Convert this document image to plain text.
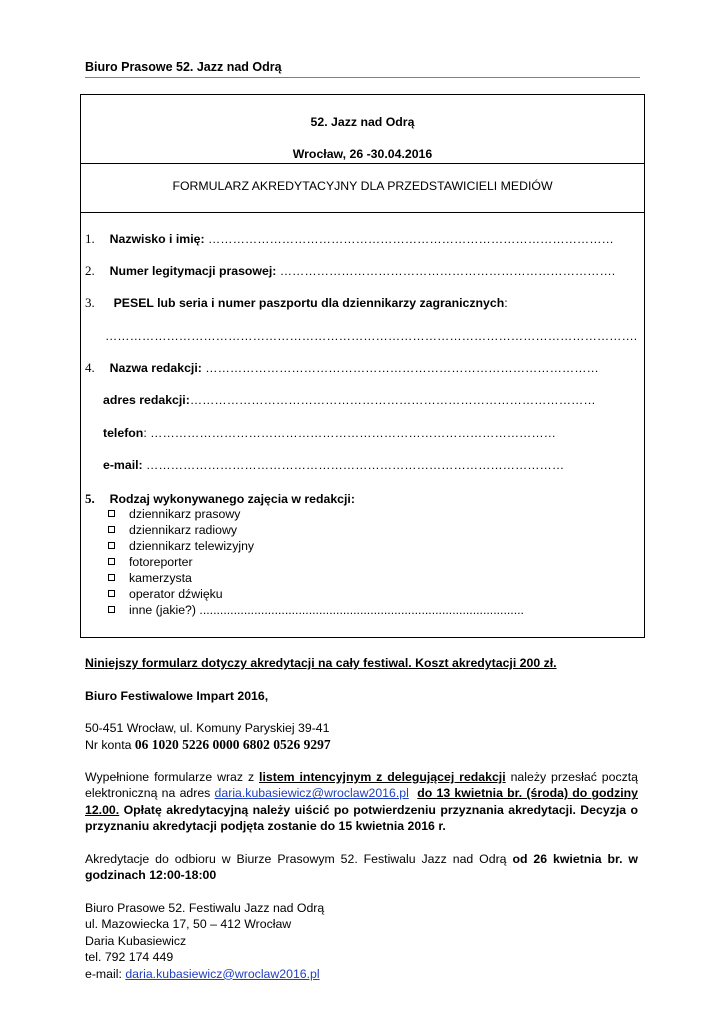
Biuro Prasowe 52. Jazz nad Odrą
52. Jazz nad Odrą
Wrocław, 26 -30.04.2016
FORMULARZ AKREDYTACYJNY DLA PRZEDSTAWICIELI MEDIÓW
1. Nazwisko i imię: ………………………………………………………………………………………
2. Numer legitymacji prasowej: ……………………………………………………………………….
3. PESEL lub seria i numer paszportu dla dziennikarzy zagranicznych:
………………………………………………………………………………………………………………….
4. Nazwa redakcji: ……………………………………………………………………………………
adres redakcji:………………………………………………………………………………………
telefon: ………………………………………………………………………………………
e-mail: …………………………………………………………………………………………
5. Rodzaj wykonywanego zajęcia w redakcji:
dziennikarz prasowy
dziennikarz radiowy
dziennikarz telewizyjny
fotoreporter
kamerzysta
operator dźwięku
inne (jakie?) ...............................................................................................
Niniejszy formularz dotyczy akredytacji na cały festiwal. Koszt akredytacji 200 zł.
Biuro Festiwalowe Impart 2016,
50-451 Wrocław, ul. Komuny Paryskiej 39-41
Nr konta 06 1020 5226 0000 6802 0526 9297
Wypełnione formularze wraz z listem intencyjnym z delegującej redakcji należy przesłać pocztą
elektroniczną na adres daria.kubasiewicz@wroclaw2016.pl do 13 kwietnia br. (środa) do godziny
12.00. Opłatę akredytacyjną należy uiścić po potwierdzeniu przyznania akredytacji. Decyzja o
przyznaniu akredytacji podjęta zostanie do 15 kwietnia 2016 r.
Akredytacje do odbioru w Biurze Prasowym 52. Festiwalu Jazz nad Odrą od 26 kwietnia br. w
godzinach 12:00-18:00
Biuro Prasowe 52. Festiwalu Jazz nad Odrą
ul. Mazowiecka 17, 50 – 412 Wrocław
Daria Kubasiewicz
tel. 792 174 449
e-mail: daria.kubasiewicz@wroclaw2016.pl
